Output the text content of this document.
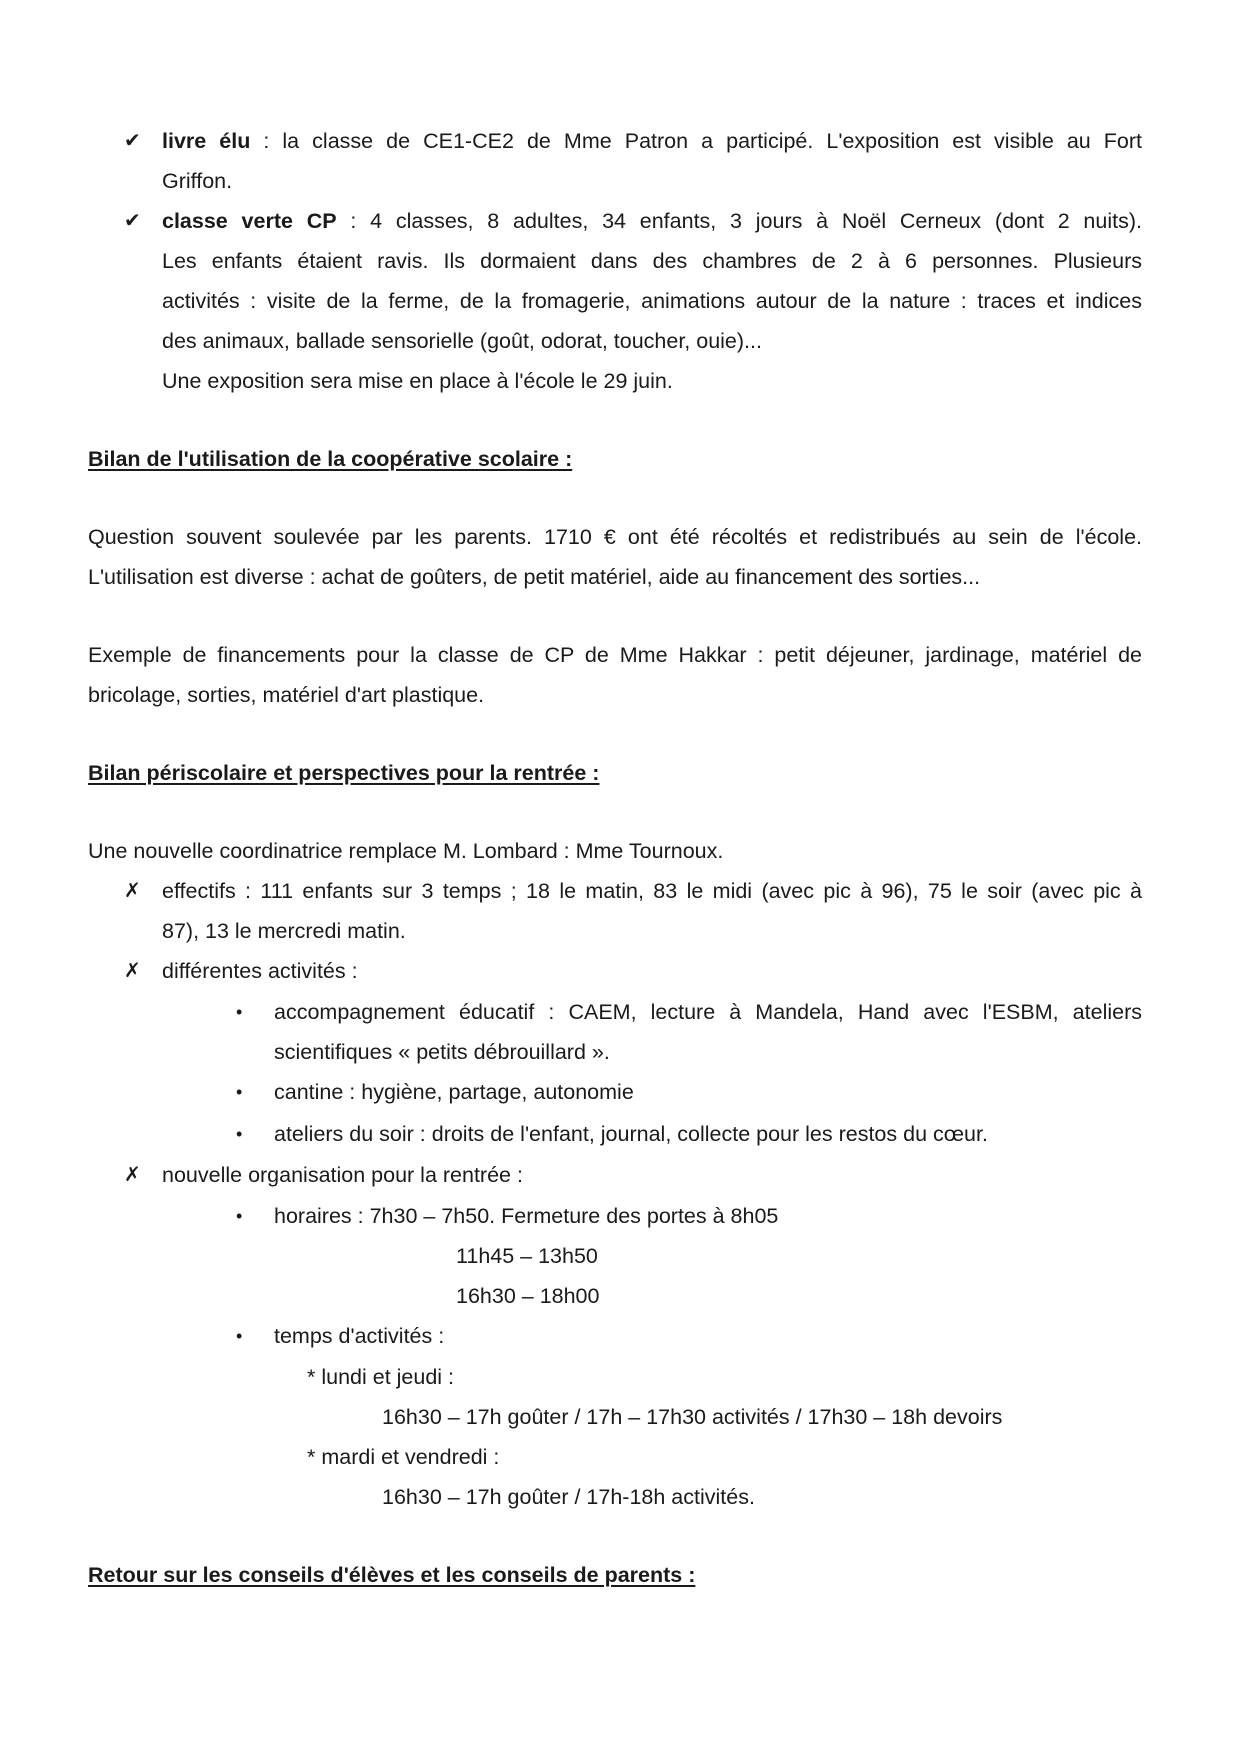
✔ livre élu : la classe de CE1-CE2 de Mme Patron a participé. L'exposition est visible au Fort
Griffon.
✔ classe verte CP : 4 classes, 8 adultes, 34 enfants, 3 jours à Noël Cerneux (dont 2 nuits).
Les enfants étaient ravis. Ils dormaient dans des chambres de 2 à 6 personnes. Plusieurs
activités : visite de la ferme, de la fromagerie, animations autour de la nature : traces et indices
des animaux, ballade sensorielle (goût, odorat, toucher, ouie)...
Une exposition sera mise en place à l'école le 29 juin.
Bilan de l'utilisation de la coopérative scolaire :
Question souvent soulevée par les parents. 1710 € ont été récoltés et redistribués au sein de l'école.
L'utilisation est diverse : achat de goûters, de petit matériel, aide au financement des sorties...
Exemple de financements pour la classe de CP de Mme Hakkar : petit déjeuner, jardinage, matériel de
bricolage, sorties, matériel d'art plastique.
Bilan périscolaire et perspectives pour la rentrée :
Une nouvelle coordinatrice remplace M. Lombard : Mme Tournoux.
✗ effectifs : 111 enfants sur 3 temps ; 18 le matin, 83 le midi (avec pic à 96), 75 le soir (avec pic à
87), 13 le mercredi matin.
✗ différentes activités :
• accompagnement éducatif : CAEM, lecture à Mandela, Hand avec l'ESBM, ateliers
scientifiques « petits débrouillard ».
• cantine : hygiène, partage, autonomie
• ateliers du soir : droits de l'enfant, journal, collecte pour les restos du cœur.
✗ nouvelle organisation pour la rentrée :
• horaires : 7h30 – 7h50. Fermeture des portes à 8h05
11h45 – 13h50
16h30 – 18h00
• temps d'activités :
* lundi et jeudi :
16h30 – 17h goûter / 17h – 17h30 activités / 17h30 – 18h devoirs
* mardi et vendredi :
16h30 – 17h goûter / 17h-18h activités.
Retour sur les conseils d'élèves et les conseils de parents :
